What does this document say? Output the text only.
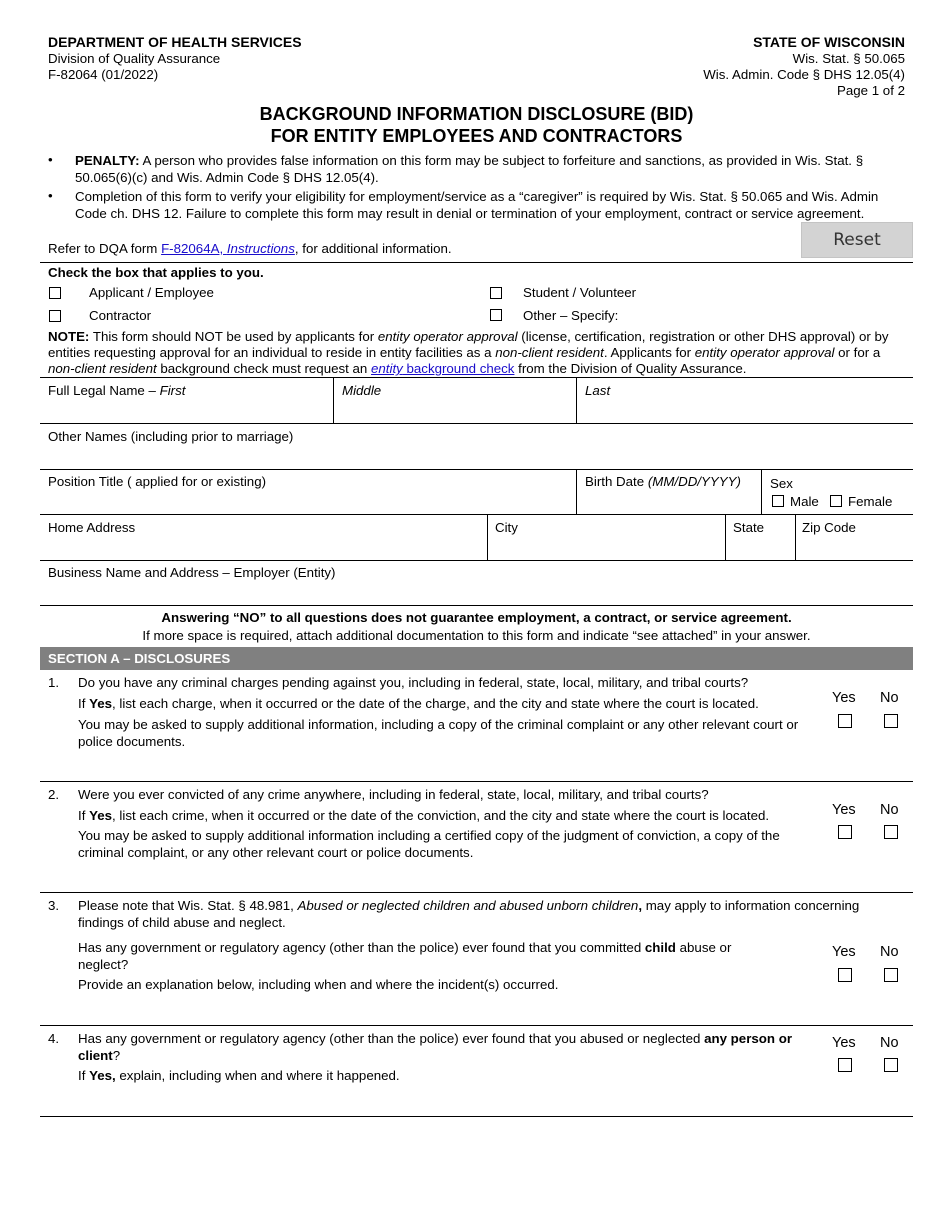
DEPARTMENT OF HEALTH SERVICES
Division of Quality Assurance
F-82064 (01/2022)
STATE OF WISCONSIN
Wis. Stat. § 50.065
Wis. Admin. Code § DHS 12.05(4)
Page 1 of 2
BACKGROUND INFORMATION DISCLOSURE (BID)
FOR ENTITY EMPLOYEES AND CONTRACTORS
• PENALTY: A person who provides false information on this form may be subject to forfeiture and sanctions, as provided in Wis. Stat. § 50.065(6)(c) and Wis. Admin Code § DHS 12.05(4).
• Completion of this form to verify your eligibility for employment/service as a “caregiver” is required by Wis. Stat. § 50.065 and Wis. Admin Code ch. DHS 12. Failure to complete this form may result in denial or termination of your employment, contract or service agreement.
Refer to DQA form F-82064A, Instructions, for additional information.	Reset
Check the box that applies to you.
Applicant / Employee
Contractor
Student / Volunteer
Other – Specify:
NOTE: This form should NOT be used by applicants for entity operator approval (license, certification, registration or other DHS approval) or by entities requesting approval for an individual to reside in entity facilities as a non-client resident. Applicants for entity operator approval or for a non-client resident background check must request an entity background check from the Division of Quality Assurance.
Full Legal Name – First	Middle	Last
Other Names (including prior to marriage)
Position Title ( applied for or existing)	Birth Date (MM/DD/YYYY) Sex
Male Female
Home Address	City	State	Zip Code
Business Name and Address – Employer (Entity)
Answering “NO” to all questions does not guarantee employment, a contract, or service agreement.
If more space is required, attach additional documentation to this form and indicate “see attached” in your answer.
SECTION A – DISCLOSURES
1. Do you have any criminal charges pending against you, including in federal, state, local, military, and tribal courts?
If Yes, list each charge, when it occurred or the date of the charge, and the city and state where the court is located.
You may be asked to supply additional information, including a copy of the criminal complaint or any other relevant court or police documents.
Yes No
2. Were you ever convicted of any crime anywhere, including in federal, state, local, military, and tribal courts?
If Yes, list each crime, when it occurred or the date of the conviction, and the city and state where the court is located.
You may be asked to supply additional information including a certified copy of the judgment of conviction, a copy of the criminal complaint, or any other relevant court or police documents.
Yes No
3. Please note that Wis. Stat. § 48.981, Abused or neglected children and abused unborn children, may apply to information concerning findings of child abuse and neglect.
Has any government or regulatory agency (other than the police) ever found that you committed child abuse or neglect?
Provide an explanation below, including when and where the incident(s) occurred.
Yes No
4. Has any government or regulatory agency (other than the police) ever found that you abused or neglected any person or client?
If Yes, explain, including when and where it happened.
Yes No
